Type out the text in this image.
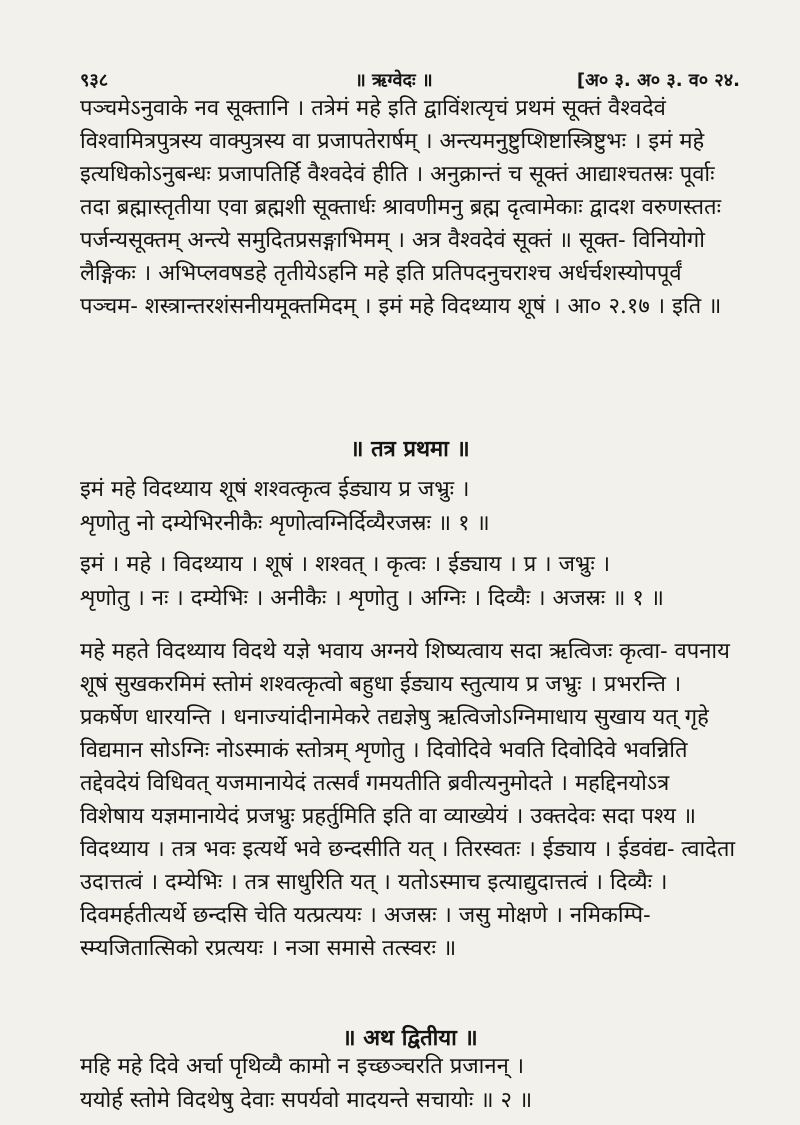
९३८	॥ ऋग्वेदः ॥	[अ० ३. अ० ३. व० २४.
पञ्चमेऽनुवाके नव सूक्तानि । तत्रेमं महे इति द्वाविंशत्यृचं प्रथमं सूक्तं वैश्वदेवं विश्वामित्रपुत्रस्य वाक्पुत्रस्य वा प्रजापतेरार्षम् । अन्त्यमनुष्टुप्शिष्टास्त्रिष्टुभः । इमं महे इत्यधिकोऽनुबन्धः प्रजापतिर्हि वैश्वदेवं हीति । अनुक्रान्तं च सूक्तं आद्याश्चतस्रः पूर्वाः तदा ब्रह्मास्तृतीया एवा ब्रह्मशी सूक्तार्धः श्रावणीमनु ब्रह्म दृत्वामेकाः द्वादश वरुणस्ततः पर्जन्यसूक्तम् अन्त्ये समुदितप्रसङ्गाभिमम् । अत्र वैश्वदेवं सूक्तं ॥ सूक्त- विनियोगो लैङ्गिकः । अभिप्लवषडहे तृतीयेऽहनि महे इति प्रतिपदनुचराश्च अर्धर्चशस्योपपूर्वं पञ्चम- शस्त्रान्तरशंसनीयमूक्तमिदम् । इमं महे विदथ्याय शूषं । आ० २.१७ । इति ॥
॥ तत्र प्रथमा ॥
इमं महे विदथ्याय शूषं शश्वत्कृत्व ईड्याय प्र जभ्रुः ।
शृणोतु नो दम्येभिरनीकैः शृणोत्वग्निर्दिव्यैरजस्रः ॥ १ ॥
इमं । महे । विदथ्याय । शूषं । शश्वत् । कृत्वः । ईड्याय । प्र । जभ्रुः ।
शृणोतु । नः । दम्येभिः । अनीकैः । शृणोतु । अग्निः । दिव्यैः । अजस्रः ॥ १ ॥
महे महते विदथ्याय विदथे यज्ञे भवाय अग्नये शिष्यत्वाय सदा ऋत्विजः कृत्वा- वपनाय शूषं सुखकरमिमं स्तोमं शश्वत्कृत्वो बहुधा ईड्याय स्तुत्याय प्र जभ्रुः । प्रभरन्ति । प्रकर्षेण धारयन्ति । धनाज्यांदीनामेकरे तद्यज्ञेषु ऋत्विजोऽग्निमाधाय सुखाय यत् गृहे विद्यमान सोऽग्निः नोऽस्माकं स्तोत्रम् शृणोतु । दिवोदिवे भवति दिवोदिवे भवन्निति तद्देवदेयं विधिवत् यजमानायेदं तत्सर्वं गमयतीति ब्रवीत्यनुमोदते । महद्दिनयोऽत्र विशेषाय यज्ञमानायेदं प्रजभ्रुः प्रहर्तुमिति इति वा व्याख्येयं । उक्तदेवः सदा पश्य ॥ विदथ्याय । तत्र भवः इत्यर्थे भवे छन्दसीति यत् । तिरस्वतः । ईड्याय । ईडवंद्य- त्वादेता उदात्तत्वं । दम्येभिः । तत्र साधुरिति यत् । यतोऽस्माच इत्याद्युदात्तत्वं । दिव्यैः । दिवमर्हतीत्यर्थे छन्दसि चेति यत्प्रत्ययः । अजस्रः । जसु मोक्षणे । नमिकम्पि- स्म्यजितात्सिको रप्रत्ययः । नञा समासे तत्स्वरः ॥
॥ अथ द्वितीया ॥
महि महे दिवे अर्चा पृथिव्यै कामो न इच्छञ्चरति प्रजानन् ।
ययोर्ह स्तोमे विदथेषु देवाः सपर्यवो मादयन्ते सचायोः ॥ २ ॥
